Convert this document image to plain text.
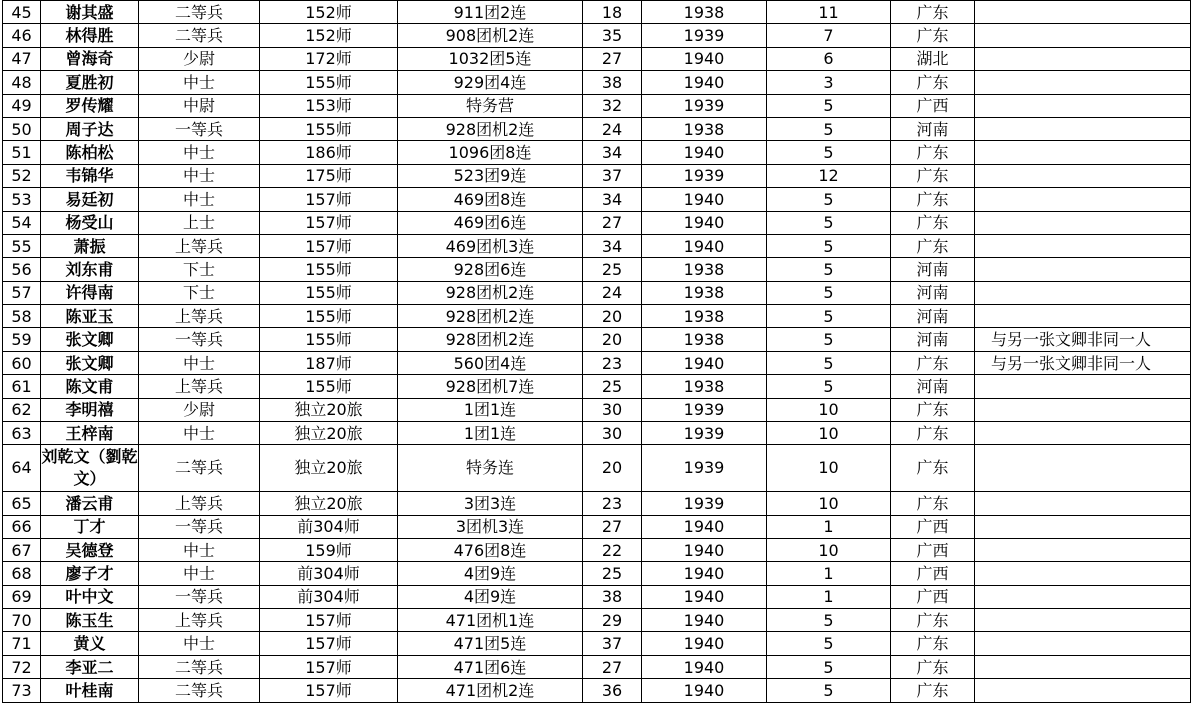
45	谢其盛	二等兵	152师	911团2连	18	1938	11	广东	
46	林得胜	二等兵	152师	908团机2连	35	1939	7	广东	
47	曾海奇	少尉	172师	1032团5连	27	1940	6	湖北	
48	夏胜初	中士	155师	929团4连	38	1940	3	广东	
49	罗传耀	中尉	153师	特务营	32	1939	5	广西	
50	周子达	一等兵	155师	928团机2连	24	1938	5	河南	
51	陈柏松	中士	186师	1096团8连	34	1940	5	广东	
52	韦锦华	中士	175师	523团9连	37	1939	12	广东	
53	易廷初	中士	157师	469团8连	34	1940	5	广东	
54	杨受山	上士	157师	469团6连	27	1940	5	广东	
55	萧振	上等兵	157师	469团机3连	34	1940	5	广东	
56	刘东甫	下士	155师	928团6连	25	1938	5	河南	
57	许得南	下士	155师	928团机2连	24	1938	5	河南	
58	陈亚玉	上等兵	155师	928团机2连	20	1938	5	河南	
59	张文卿	一等兵	155师	928团机2连	20	1938	5	河南	与另一张文卿非同一人
60	张文卿	中士	187师	560团4连	23	1940	5	广东	与另一张文卿非同一人
61	陈文甫	上等兵	155师	928团机7连	25	1938	5	河南	
62	李明禧	少尉	独立20旅	1团1连	30	1939	10	广东	
63	王梓南	中士	独立20旅	1团1连	30	1939	10	广东	
64	刘乾文（劉乾文）	二等兵	独立20旅	特务连	20	1939	10	广东	
65	潘云甫	上等兵	独立20旅	3团3连	23	1939	10	广东	
66	丁才	一等兵	前304师	3团机3连	27	1940	1	广西	
67	吴德登	中士	159师	476团8连	22	1940	10	广西	
68	廖子才	中士	前304师	4团9连	25	1940	1	广西	
69	叶中文	一等兵	前304师	4团9连	38	1940	1	广西	
70	陈玉生	上等兵	157师	471团机1连	29	1940	5	广东	
71	黄义	中士	157师	471团5连	37	1940	5	广东	
72	李亚二	二等兵	157师	471团6连	27	1940	5	广东	
73	叶桂南	二等兵	157师	471团机2连	36	1940	5	广东	
